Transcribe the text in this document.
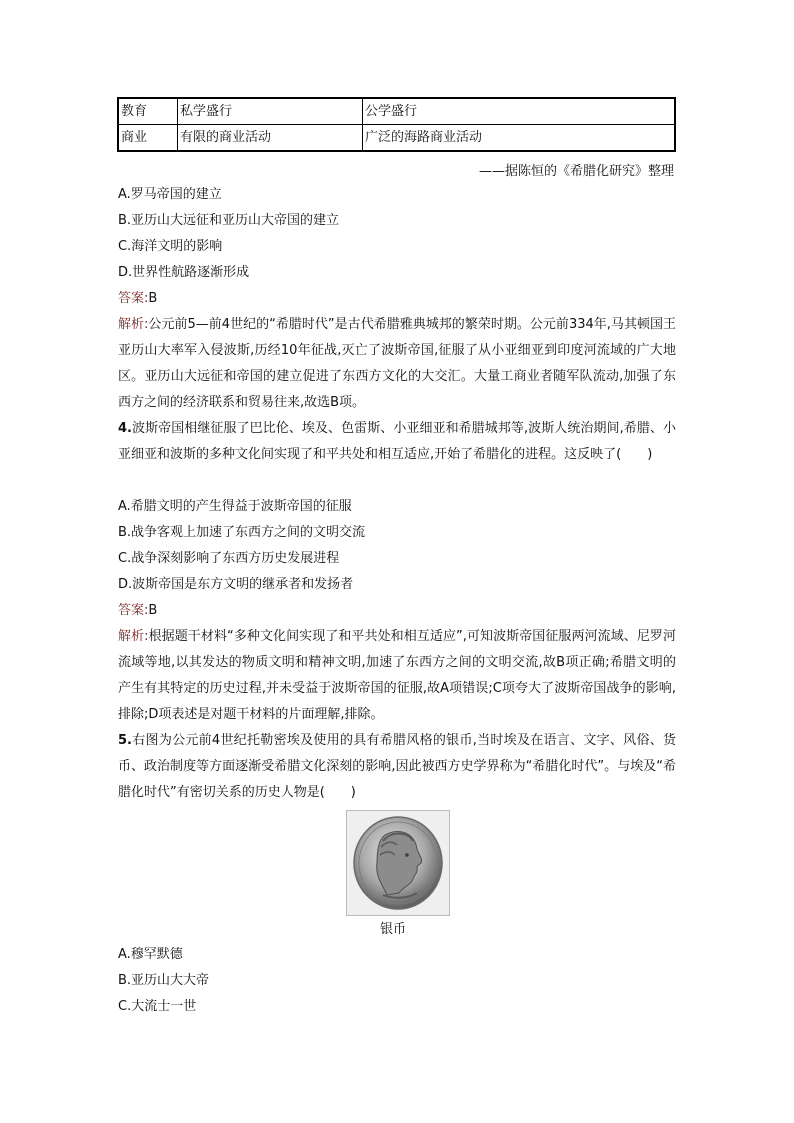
教育	私学盛行	公学盛行
商业	有限的商业活动	广泛的海路商业活动
——据陈恒的《希腊化研究》整理
A.罗马帝国的建立
B.亚历山大远征和亚历山大帝国的建立
C.海洋文明的影响
D.世界性航路逐渐形成
答案:B
解析:公元前5—前4世纪的“希腊时代”是古代希腊雅典城邦的繁荣时期。公元前334年,马其顿国王亚历山大率军入侵波斯,历经10年征战,灭亡了波斯帝国,征服了从小亚细亚到印度河流域的广大地区。亚历山大远征和帝国的建立促进了东西方文化的大交汇。大量工商业者随军队流动,加强了东西方之间的经济联系和贸易往来,故选B项。
4.波斯帝国相继征服了巴比伦、埃及、色雷斯、小亚细亚和希腊城邦等,波斯人统治期间,希腊、小亚细亚和波斯的多种文化间实现了和平共处和相互适应,开始了希腊化的进程。这反映了(　　)
A.希腊文明的产生得益于波斯帝国的征服
B.战争客观上加速了东西方之间的文明交流
C.战争深刻影响了东西方历史发展进程
D.波斯帝国是东方文明的继承者和发扬者
答案:B
解析:根据题干材料“多种文化间实现了和平共处和相互适应”,可知波斯帝国征服两河流域、尼罗河流域等地,以其发达的物质文明和精神文明,加速了东西方之间的文明交流,故B项正确;希腊文明的产生有其特定的历史过程,并未受益于波斯帝国的征服,故A项错误;C项夸大了波斯帝国战争的影响,排除;D项表述是对题干材料的片面理解,排除。
5.右图为公元前4世纪托勒密埃及使用的具有希腊风格的银币,当时埃及在语言、文字、风俗、货币、政治制度等方面逐渐受希腊文化深刻的影响,因此被西方史学界称为“希腊化时代”。与埃及“希腊化时代”有密切关系的历史人物是(　　)
银币
A.穆罕默德
B.亚历山大大帝
C.大流士一世
